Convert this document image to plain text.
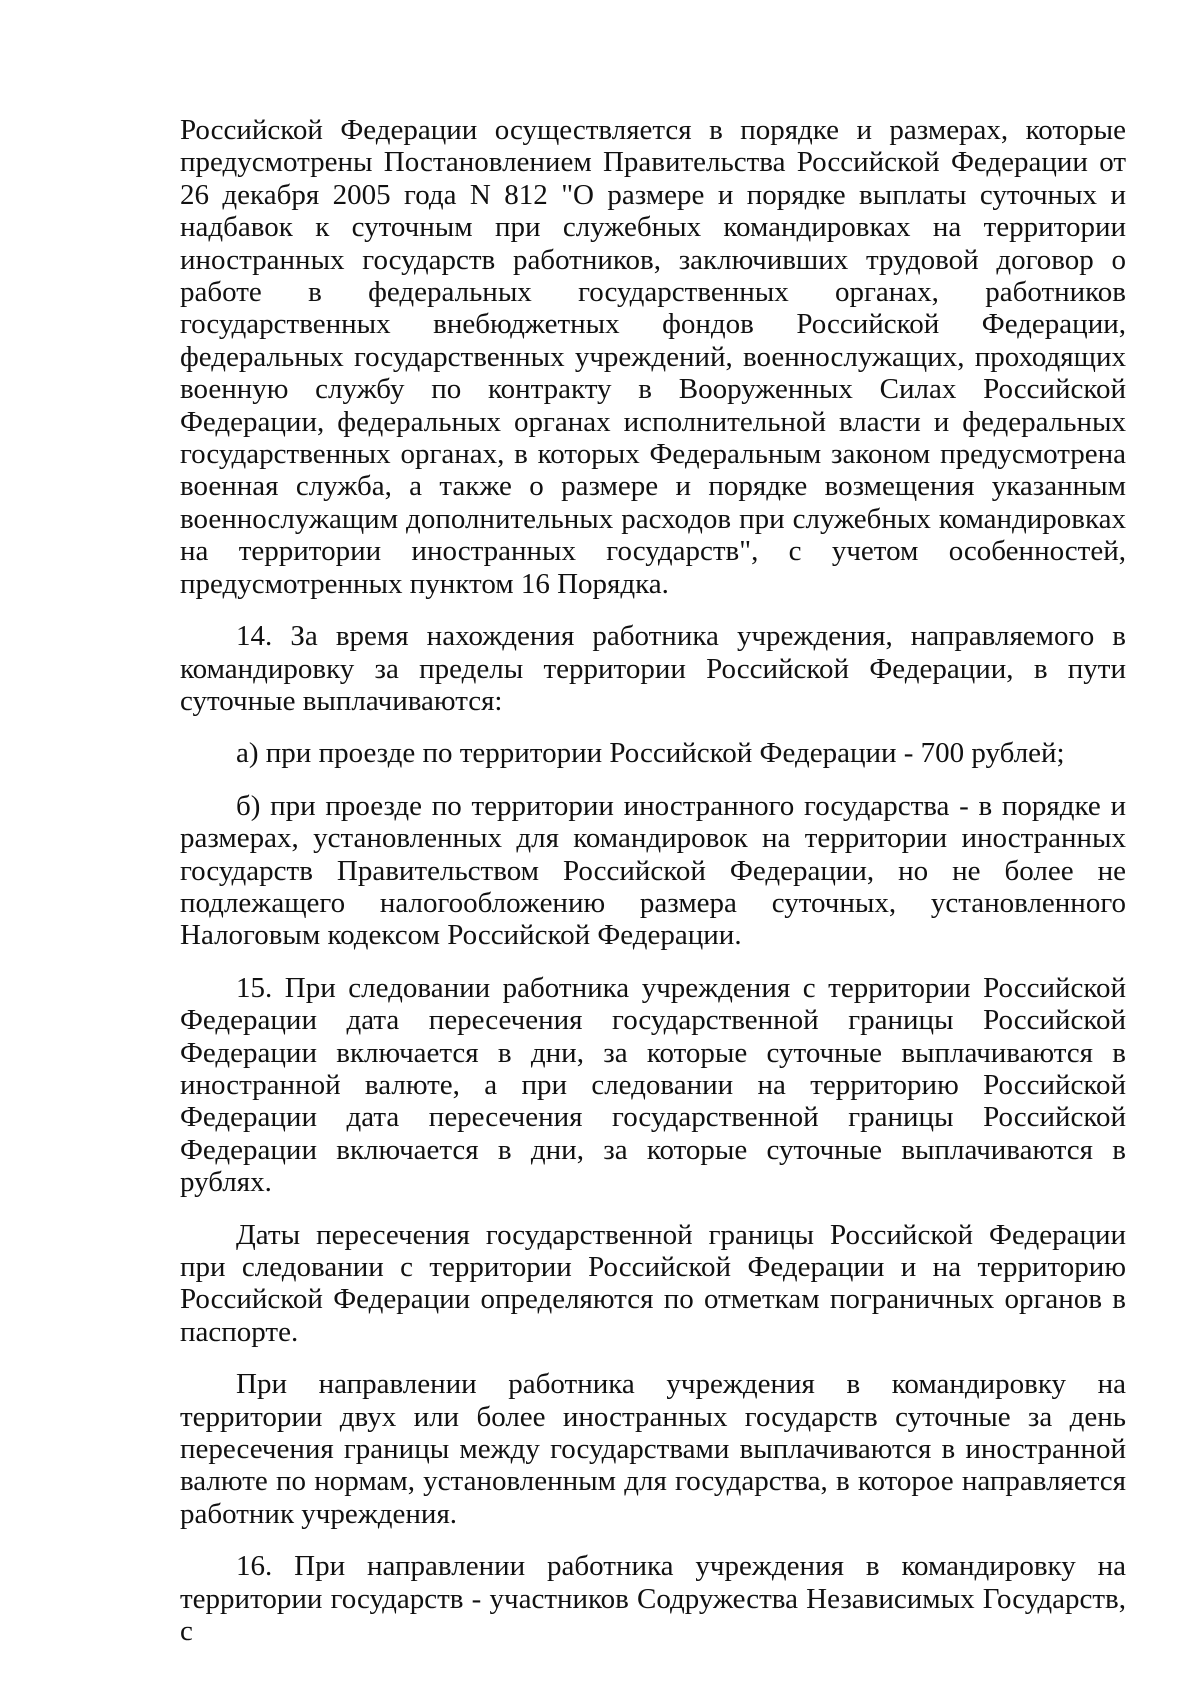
Российской Федерации осуществляется в порядке и размерах, которые предусмотрены Постановлением Правительства Российской Федерации от 26 декабря 2005 года N 812 "О размере и порядке выплаты суточных и надбавок к суточным при служебных командировках на территории иностранных государств работников, заключивших трудовой договор о работе в федеральных государственных органах, работников государственных внебюджетных фондов Российской Федерации, федеральных государственных учреждений, военнослужащих, проходящих военную службу по контракту в Вооруженных Силах Российской Федерации, федеральных органах исполнительной власти и федеральных государственных органах, в которых Федеральным законом предусмотрена военная служба, а также о размере и порядке возмещения указанным военнослужащим дополнительных расходов при служебных командировках на территории иностранных государств", с учетом особенностей, предусмотренных пунктом 16 Порядка.

14. За время нахождения работника учреждения, направляемого в командировку за пределы территории Российской Федерации, в пути суточные выплачиваются:

а) при проезде по территории Российской Федерации - 700 рублей;

б) при проезде по территории иностранного государства - в порядке и размерах, установленных для командировок на территории иностранных государств Правительством Российской Федерации, но не более не подлежащего налогообложению размера суточных, установленного Налоговым кодексом Российской Федерации.

15. При следовании работника учреждения с территории Российской Федерации дата пересечения государственной границы Российской Федерации включается в дни, за которые суточные выплачиваются в иностранной валюте, а при следовании на территорию Российской Федерации дата пересечения государственной границы Российской Федерации включается в дни, за которые суточные выплачиваются в рублях.

Даты пересечения государственной границы Российской Федерации при следовании с территории Российской Федерации и на территорию Российской Федерации определяются по отметкам пограничных органов в паспорте.

При направлении работника учреждения в командировку на территории двух или более иностранных государств суточные за день пересечения границы между государствами выплачиваются в иностранной валюте по нормам, установленным для государства, в которое направляется работник учреждения.

16. При направлении работника учреждения в командировку на территории государств - участников Содружества Независимых Государств, с
